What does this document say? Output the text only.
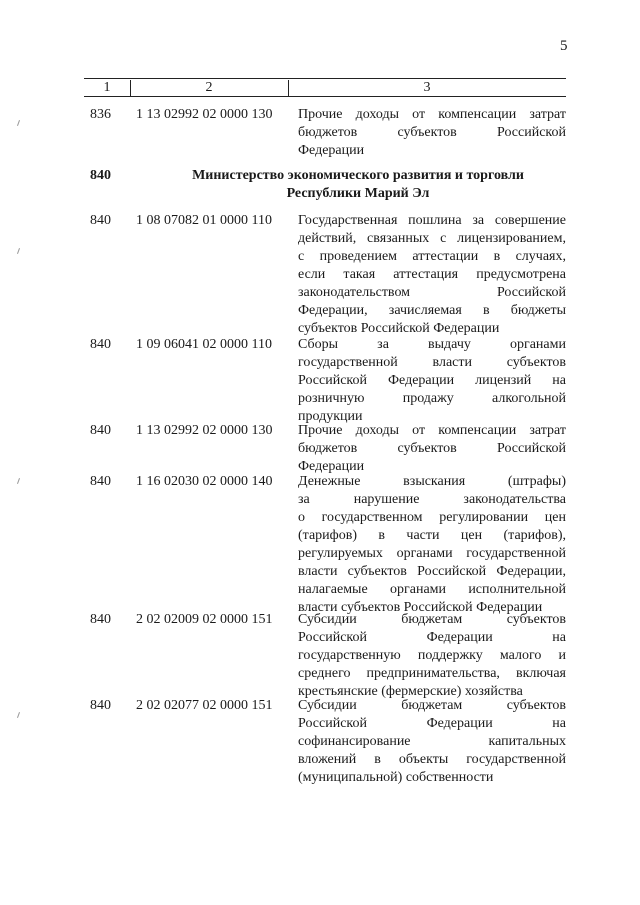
5
1	2	3
836	1 13 02992 02 0000 130	Прочие доходы от компенсации затрат
бюджетов субъектов Российской
Федерации
840	Министерство экономического развития и торговли
Республики Марий Эл
840	1 08 07082 01 0000 110	Государственная пошлина за совершение
действий, связанных с лицензированием,
с проведением аттестации в случаях,
если такая аттестация предусмотрена
законодательством Российской
Федерации, зачисляемая в бюджеты
субъектов Российской Федерации
840	1 09 06041 02 0000 110	Сборы за выдачу органами
государственной власти субъектов
Российской Федерации лицензий на
розничную продажу алкогольной
продукции
840	1 13 02992 02 0000 130	Прочие доходы от компенсации затрат
бюджетов субъектов Российской
Федерации
840	1 16 02030 02 0000 140	Денежные взыскания (штрафы)
за нарушение законодательства
о государственном регулировании цен
(тарифов) в части цен (тарифов),
регулируемых органами государственной
власти субъектов Российской Федерации,
налагаемые органами исполнительной
власти субъектов Российской Федерации
840	2 02 02009 02 0000 151	Субсидии бюджетам субъектов
Российской Федерации на
государственную поддержку малого и
среднего предпринимательства, включая
крестьянские (фермерские) хозяйства
840	2 02 02077 02 0000 151	Субсидии бюджетам субъектов
Российской Федерации на
софинансирование капитальных
вложений в объекты государственной
(муниципальной) собственности
